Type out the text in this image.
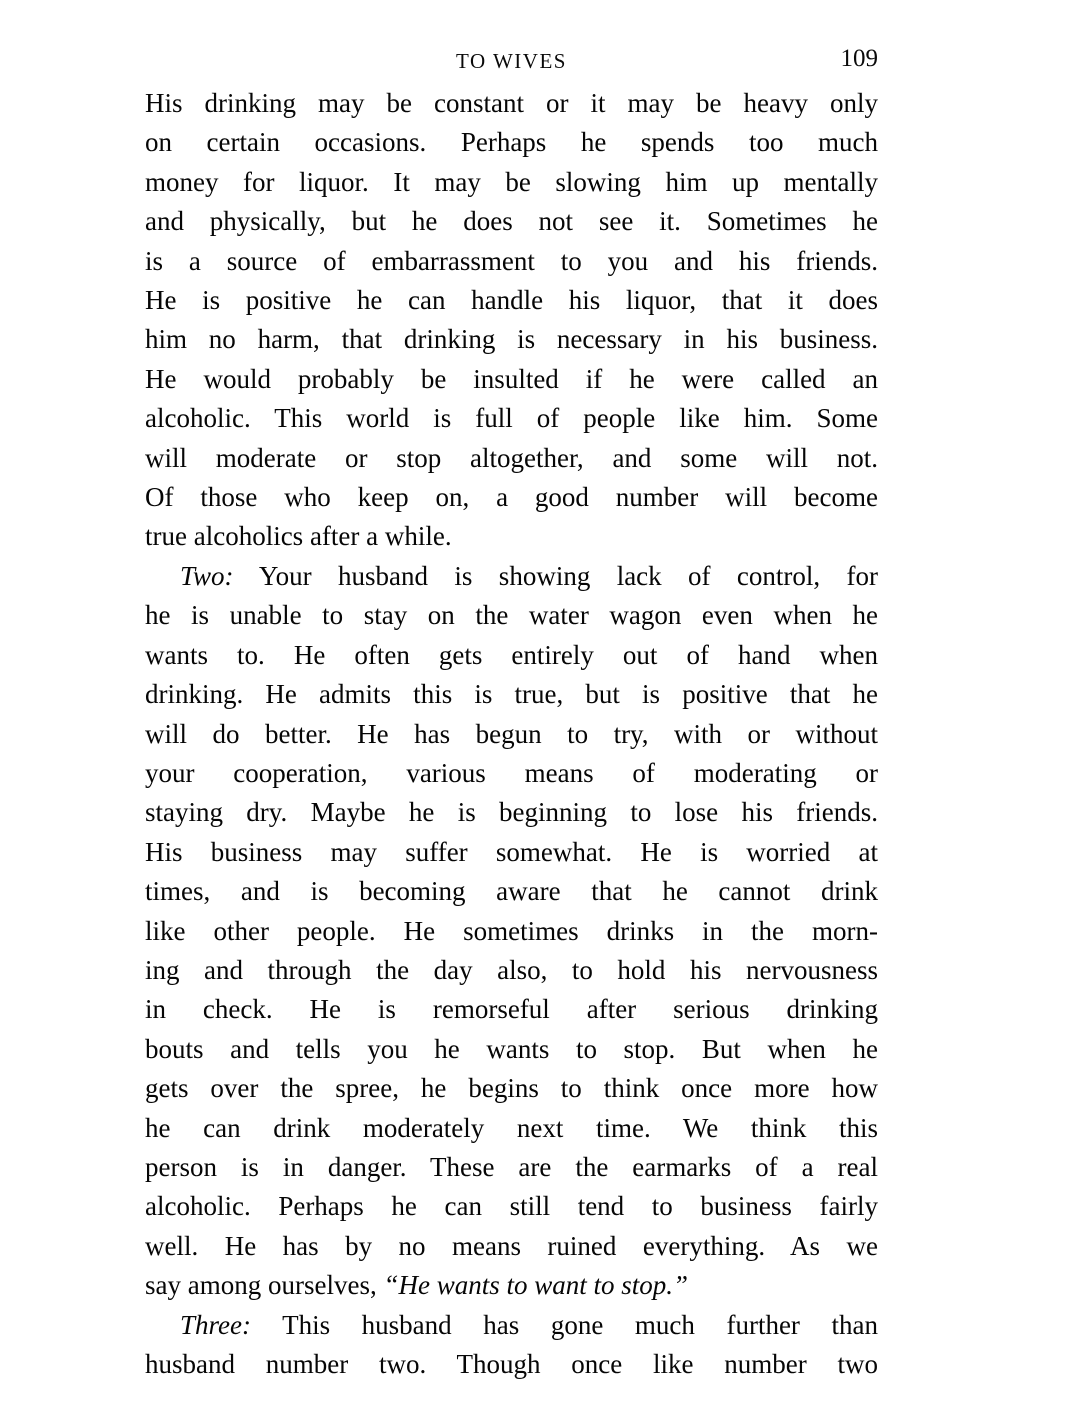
TO WIVES	109
His drinking may be constant or it may be heavy only
on certain occasions. Perhaps he spends too much
money for liquor. It may be slowing him up mentally
and physically, but he does not see it. Sometimes he
is a source of embarrassment to you and his friends.
He is positive he can handle his liquor, that it does
him no harm, that drinking is necessary in his business.
He would probably be insulted if he were called an
alcoholic. This world is full of people like him. Some
will moderate or stop altogether, and some will not.
Of those who keep on, a good number will become
true alcoholics after a while.
Two: Your husband is showing lack of control, for
he is unable to stay on the water wagon even when he
wants to. He often gets entirely out of hand when
drinking. He admits this is true, but is positive that he
will do better. He has begun to try, with or without
your cooperation, various means of moderating or
staying dry. Maybe he is beginning to lose his friends.
His business may suffer somewhat. He is worried at
times, and is becoming aware that he cannot drink
like other people. He sometimes drinks in the morn-
ing and through the day also, to hold his nervousness
in check. He is remorseful after serious drinking
bouts and tells you he wants to stop. But when he
gets over the spree, he begins to think once more how
he can drink moderately next time. We think this
person is in danger. These are the earmarks of a real
alcoholic. Perhaps he can still tend to business fairly
well. He has by no means ruined everything. As we
say among ourselves, “He wants to want to stop.”
Three: This husband has gone much further than
husband number two. Though once like number two
